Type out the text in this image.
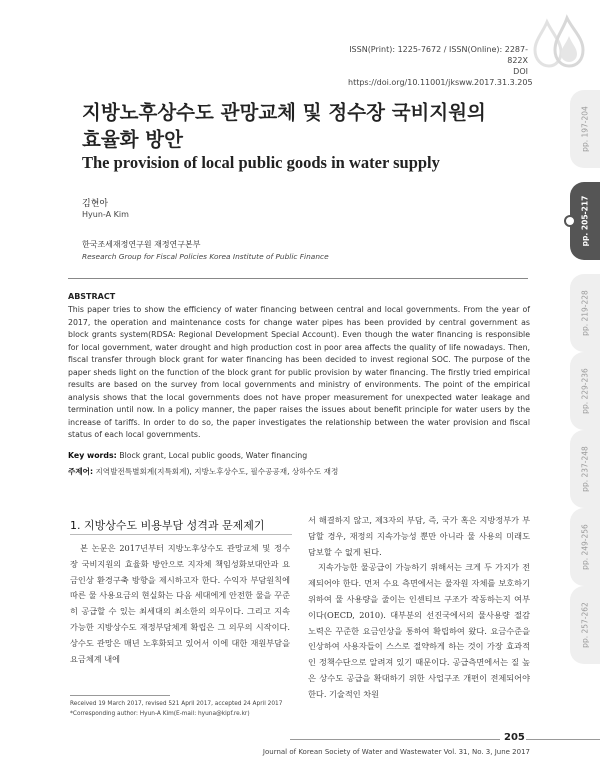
ISSN(Print): 1225-7672 / ISSN(Online): 2287-822X
DOI https://doi.org/10.11001/jksww.2017.31.3.205
pp. 197-204
pp. 205-217
pp. 219-228
pp. 229-236
pp. 237-248
pp. 249-256
pp. 257-262
지방노후상수도 관망교체 및 정수장 국비지원의
효율화 방안
The provision of local public goods in water supply
김현아
Hyun-A Kim
한국조세재정연구원 재정연구본부
Research Group for Fiscal Policies Korea Institute of Public Finance
ABSTRACT
This paper tries to show the efficiency of water financing between central and local governments. From the year of 2017, the operation and maintenance costs for change water pipes has been provided by central government as block grants system(RDSA: Regional Development Special Account). Even though the water financing is responsible for local government, water drought and high production cost in poor area affects the quality of life nowadays. Then, fiscal transfer through block grant for water financing has been decided to invest regional SOC. The purpose of the paper sheds light on the function of the block grant for public provision by water financing. The firstly tried empirical results are based on the survey from local governments and ministry of environments. The point of the empirical analysis shows that the local governments does not have proper measurement for unexpected water leakage and termination until now. In a policy manner, the paper raises the issues about benefit principle for water users by the increase of tariffs. In order to do so, the paper investigates the relationship between the water provision and fiscal status of each local governments.
Key words: Block grant, Local public goods, Water financing
주제어: 지역발전특별회계(지특회계), 지방노후상수도, 필수공공재, 상하수도 재정
1. 지방상수도 비용부담 성격과 문제제기

본 논문은 2017년부터 지방노후상수도 관망교체 및 정수장 국비지원의 효율화 방안으로 지자체 책임성화보대안과 요금인상 환경구축 방향을 제시하고자 한다. 수익자 부담원칙에 따른 물 사용요금의 현실화는 다음 세대에게 안전한 물을 꾸준히 공급할 수 있는 최세대의 최소한의 의무이다. 그리고 지속가능한 지방상수도 재정부담체계 확립은 그 의무의 시작이다. 상수도 관망은 매년 노후화되고 있어서 이에 대한 재원부담을 요금체계 내에

서 해결하지 않고, 제3자의 부담, 즉, 국가 혹은 지방정부가 부담할 경우, 재정의 지속가능성 뿐만 아니라 물 사용의 미래도 담보할 수 없게 된다.

지속가능한 물공급이 가능하기 위해서는 크게 두 가지가 전제되어야 한다. 먼저 수요 측면에서는 물자원 자체를 보호하기 위하여 물 사용량을 줄이는 인센티브 구조가 작동하는지 여부이다(OECD, 2010). 대부분의 선진국에서의 물사용량 절감 노력은 꾸준한 요금인상을 통하여 확립하여 왔다. 요금수준을 인상하여 사용자들이 스스로 절약하게 하는 것이 가장 효과적인 정책수단으로 알려져 있기 때문이다. 공급측면에서는 질 높은 상수도 공급을 확대하기 위한 사업구조 개편이 전제되어야 한다. 기술적인 차원

Received 19 March 2017, revised 521 April 2017, accepted 24 April 2017
*Corresponding author: Hyun-A Kim(E-mail: hyuna@kipf.re.kr)
205
Journal of Korean Society of Water and Wastewater Vol. 31, No. 3, June 2017
